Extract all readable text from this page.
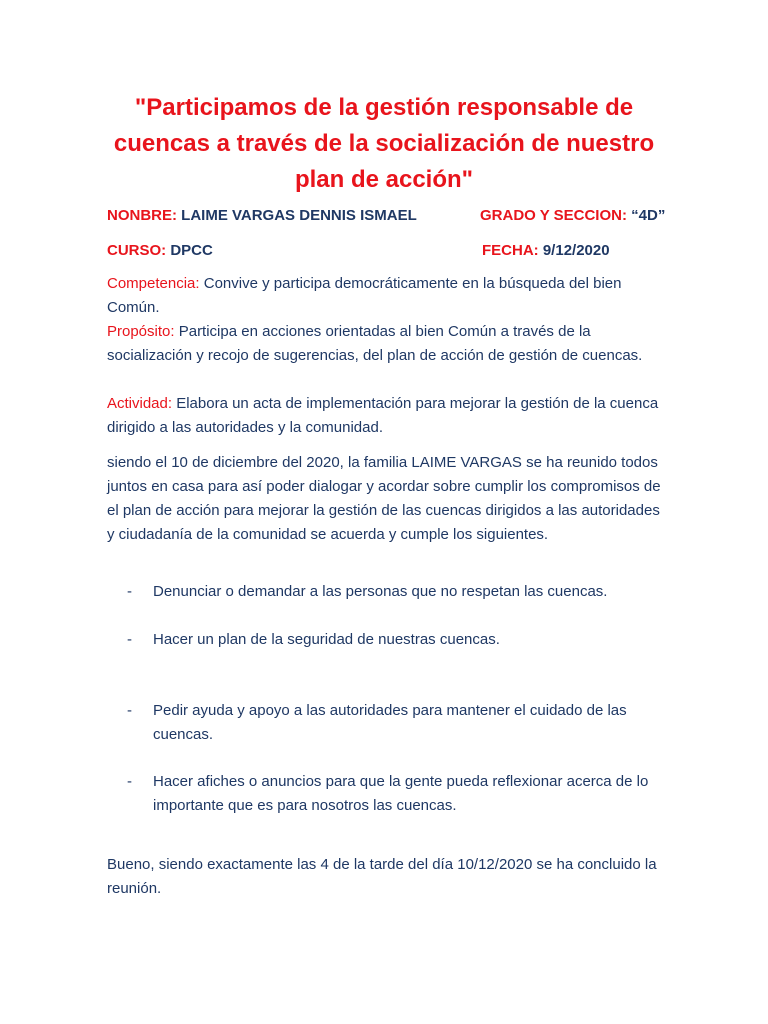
"Participamos de la gestión responsable de cuencas a través de la socialización de nuestro plan de acción"
NONBRE: LAIME VARGAS DENNIS ISMAEL	GRADO Y SECCION: “4D”
CURSO: DPCC	FECHA: 9/12/2020
Competencia: Convive y participa democráticamente en la búsqueda del bien Común.
Propósito: Participa en acciones orientadas al bien Común a través de la socialización y recojo de sugerencias, del plan de acción de gestión de cuencas.
Actividad: Elabora un acta de implementación para mejorar la gestión de la cuenca dirigido a las autoridades y la comunidad.
siendo el 10 de diciembre del 2020, la familia LAIME VARGAS se ha reunido todos juntos en casa para así poder dialogar y acordar sobre cumplir los compromisos de el plan de acción para mejorar la gestión de las cuencas dirigidos a las autoridades y ciudadanía de la comunidad se acuerda y cumple los siguientes.
- Denunciar o demandar a las personas que no respetan las cuencas.
- Hacer un plan de la seguridad de nuestras cuencas.
- Pedir ayuda y apoyo a las autoridades para mantener el cuidado de las cuencas.
- Hacer afiches o anuncios para que la gente pueda reflexionar acerca de lo importante que es para nosotros las cuencas.
Bueno, siendo exactamente las 4 de la tarde del día 10/12/2020 se ha concluido la reunión.
